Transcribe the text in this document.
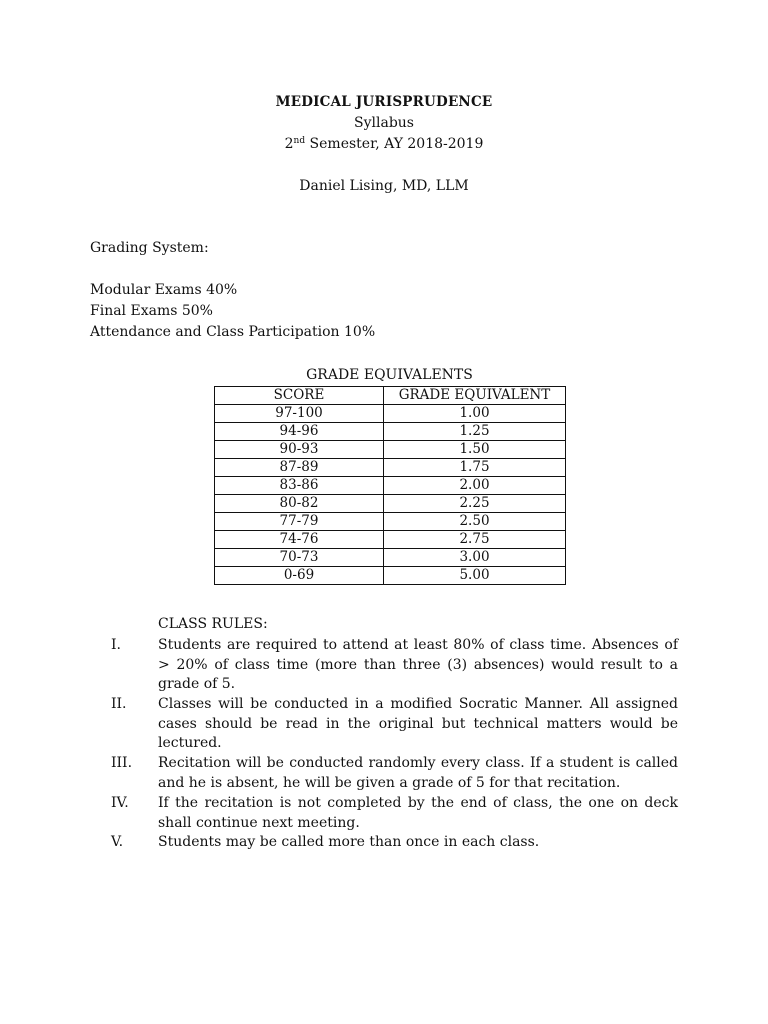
MEDICAL JURISPRUDENCE
Syllabus
2nd Semester, AY 2018-2019
Daniel Lising, MD, LLM
Grading System:
Modular Exams 40%
Final Exams 50%
Attendance and Class Participation 10%
GRADE EQUIVALENTS
SCORE	GRADE EQUIVALENT
97-100	1.00
94-96	1.25
90-93	1.50
87-89	1.75
83-86	2.00
80-82	2.25
77-79	2.50
74-76	2.75
70-73	3.00
0-69	5.00
CLASS RULES:
I.	Students are required to attend at least 80% of class time. Absences of > 20% of class time (more than three (3) absences) would result to a grade of 5.
II. Classes will be conducted in a modified Socratic Manner. All assigned cases should be read in the original but technical matters would be lectured.
III. Recitation will be conducted randomly every class. If a student is called and he is absent, he will be given a grade of 5 for that recitation.
IV. If the recitation is not completed by the end of class, the one on deck shall continue next meeting.
V. Students may be called more than once in each class.
